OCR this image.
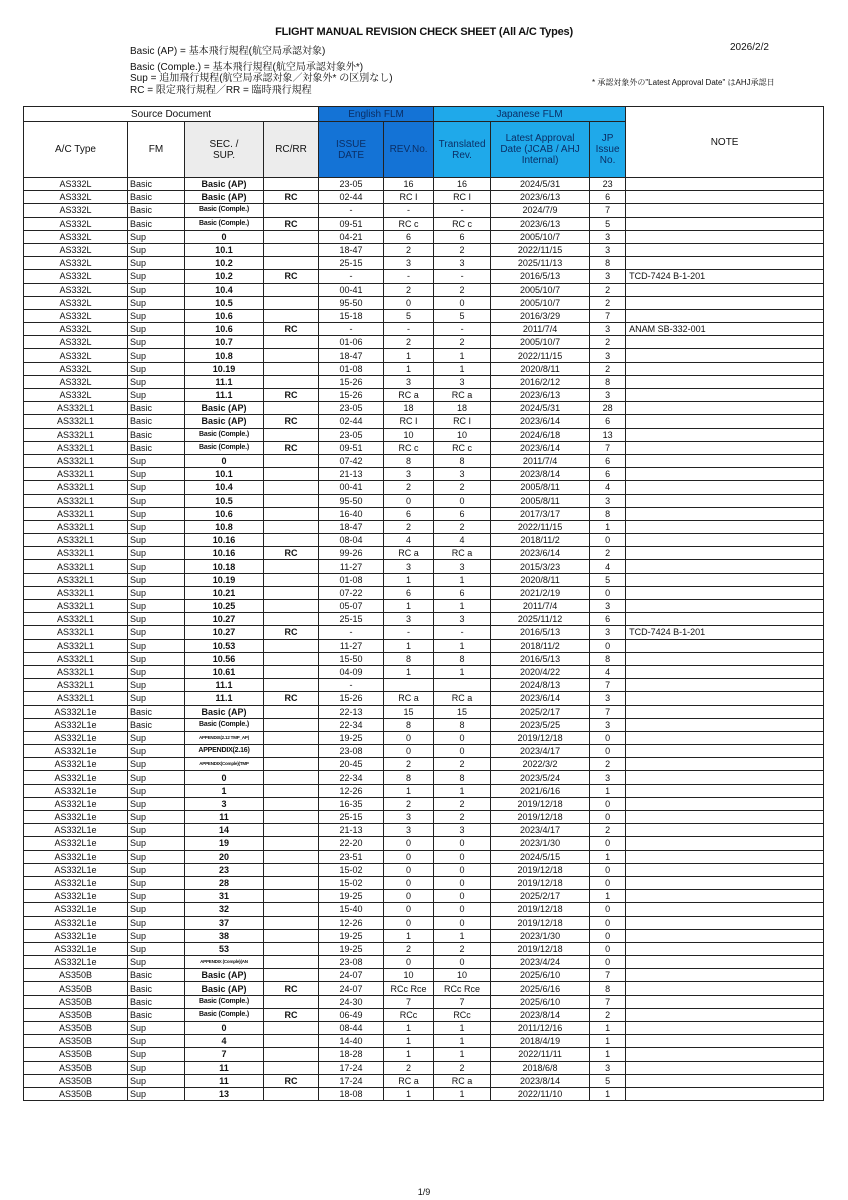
FLIGHT MANUAL REVISION CHECK SHEET (All A/C Types)
2026/2/2
Basic (AP) = 基本飛行規程(航空局承認対象)
Basic (Comple.) = 基本飛行規程(航空局承認対象外*)
Sup = 追加飛行規程(航空局承認対象／対象外* の区別なし)
RC = 限定飛行規程／RR = 臨時飛行規程
* 承認対象外の"Latest Approval Date" はAHJ承認日
Source Document				English FLM		Japanese FLM			NOTE
A/C Type	FM	SEC. / SUP.	RC/RR	ISSUE DATE	REV.No.	Translated Rev.	Latest Approval Date (JCAB / AHJ Internal)	JP Issue No.	
AS332L	Basic	Basic (AP)		23-05	16	16	2024/5/31	23	
AS332L	Basic	Basic (AP)	RC	02-44	RC I	RC I	2023/6/13	6	
AS332L	Basic	Basic (Comple.)		-	-	-	2024/7/9	7	
AS332L	Basic	Basic (Comple.)	RC	09-51	RC c	RC c	2023/6/13	5	
AS332L	Sup	0		04-21	6	6	2005/10/7	3	
AS332L	Sup	10.1		18-47	2	2	2022/11/15	3	
AS332L	Sup	10.2		25-15	3	3	2025/11/13	8	
AS332L	Sup	10.2	RC	-	-	-	2016/5/13	3	TCD-7424 B-1-201
AS332L	Sup	10.4		00-41	2	2	2005/10/7	2	
AS332L	Sup	10.5		95-50	0	0	2005/10/7	2	
AS332L	Sup	10.6		15-18	5	5	2016/3/29	7	
AS332L	Sup	10.6	RC	-	-	-	2011/7/4	3	ANAM SB-332-001
AS332L	Sup	10.7		01-06	2	2	2005/10/7	2	
AS332L	Sup	10.8		18-47	1	1	2022/11/15	3	
AS332L	Sup	10.19		01-08	1	1	2020/8/11	2	
AS332L	Sup	11.1		15-26	3	3	2016/2/12	8	
AS332L	Sup	11.1	RC	15-26	RC a	RC a	2023/6/13	3	
AS332L1	Basic	Basic (AP)		23-05	18	18	2024/5/31	28	
AS332L1	Basic	Basic (AP)	RC	02-44	RC I	RC I	2023/6/14	6	
AS332L1	Basic	Basic (Comple.)		23-05	10	10	2024/6/18	13	
AS332L1	Basic	Basic (Comple.)	RC	09-51	RC c	RC c	2023/6/14	7	
AS332L1	Sup	0		07-42	8	8	2011/7/4	6	
AS332L1	Sup	10.1		21-13	3	3	2023/8/14	6	
AS332L1	Sup	10.4		00-41	2	2	2005/8/11	4	
AS332L1	Sup	10.5		95-50	0	0	2005/8/11	3	
AS332L1	Sup	10.6		16-40	6	6	2017/3/17	8	
AS332L1	Sup	10.8		18-47	2	2	2022/11/15	1	
AS332L1	Sup	10.16		08-04	4	4	2018/11/2	0	
AS332L1	Sup	10.16	RC	99-26	RC a	RC a	2023/6/14	2	
AS332L1	Sup	10.18		11-27	3	3	2015/3/23	4	
AS332L1	Sup	10.19		01-08	1	1	2020/8/11	5	
AS332L1	Sup	10.21		07-22	6	6	2021/2/19	0	
AS332L1	Sup	10.25		05-07	1	1	2011/7/4	3	
AS332L1	Sup	10.27		25-15	3	3	2025/11/12	6	
AS332L1	Sup	10.27	RC	-	-	-	2016/5/13	3	TCD-7424 B-1-201
AS332L1	Sup	10.53		11-27	1	1	2018/11/2	0	
AS332L1	Sup	10.56		15-50	8	8	2016/5/13	8	
AS332L1	Sup	10.61		04-09	1	1	2020/4/22	4	
AS332L1	Sup	11.1		-			2024/8/13	7	
AS332L1	Sup	11.1	RC	15-26	RC a	RC a	2023/6/14	3	
AS332L1e	Basic	Basic (AP)		22-13	15	15	2025/2/17	7	
AS332L1e	Basic	Basic (Comple.)		22-34	8	8	2023/5/25	3	
AS332L1e	Sup	APPENDIX(2.12 TMP_AP)		19-25	0	0	2019/12/18	0	
AS332L1e	Sup	APPENDIX(2.16)		23-08	0	0	2023/4/17	0	
AS332L1e	Sup	APPENDIX(Comple)(TMP		20-45	2	2	2022/3/2	2	
AS332L1e	Sup	0		22-34	8	8	2023/5/24	3	
AS332L1e	Sup	1		12-26	1	1	2021/6/16	1	
AS332L1e	Sup	3		16-35	2	2	2019/12/18	0	
AS332L1e	Sup	11		25-15	3	2	2019/12/18	0	
AS332L1e	Sup	14		21-13	3	3	2023/4/17	2	
AS332L1e	Sup	19		22-20	0	0	2023/1/30	0	
AS332L1e	Sup	20		23-51	0	0	2024/5/15	1	
AS332L1e	Sup	23		15-02	0	0	2019/12/18	0	
AS332L1e	Sup	28		15-02	0	0	2019/12/18	0	
AS332L1e	Sup	31		19-25	0	0	2025/2/17	1	
AS332L1e	Sup	32		15-40	0	0	2019/12/18	0	
AS332L1e	Sup	37		12-26	0	0	2019/12/18	0	
AS332L1e	Sup	38		19-25	1	1	2023/1/30	0	
AS332L1e	Sup	53		19-25	2	2	2019/12/18	0	
AS332L1e	Sup	APPENDIX (Comple)(AN		23-08	0	0	2023/4/24	0	
AS350B	Basic	Basic (AP)		24-07	10	10	2025/6/10	7	
AS350B	Basic	Basic (AP)	RC	24-07	RCc Rce	RCc Rce	2025/6/16	8	
AS350B	Basic	Basic (Comple.)		24-30	7	7	2025/6/10	7	
AS350B	Basic	Basic (Comple.)	RC	06-49	RCc	RCc	2023/8/14	2	
AS350B	Sup	0		08-44	1	1	2011/12/16	1	
AS350B	Sup	4		14-40	1	1	2018/4/19	1	
AS350B	Sup	7		18-28	1	1	2022/11/11	1	
AS350B	Sup	11		17-24	2	2	2018/6/8	3	
AS350B	Sup	11	RC	17-24	RC a	RC a	2023/8/14	5	
AS350B	Sup	13		18-08	1	1	2022/11/10	1	
1/9
